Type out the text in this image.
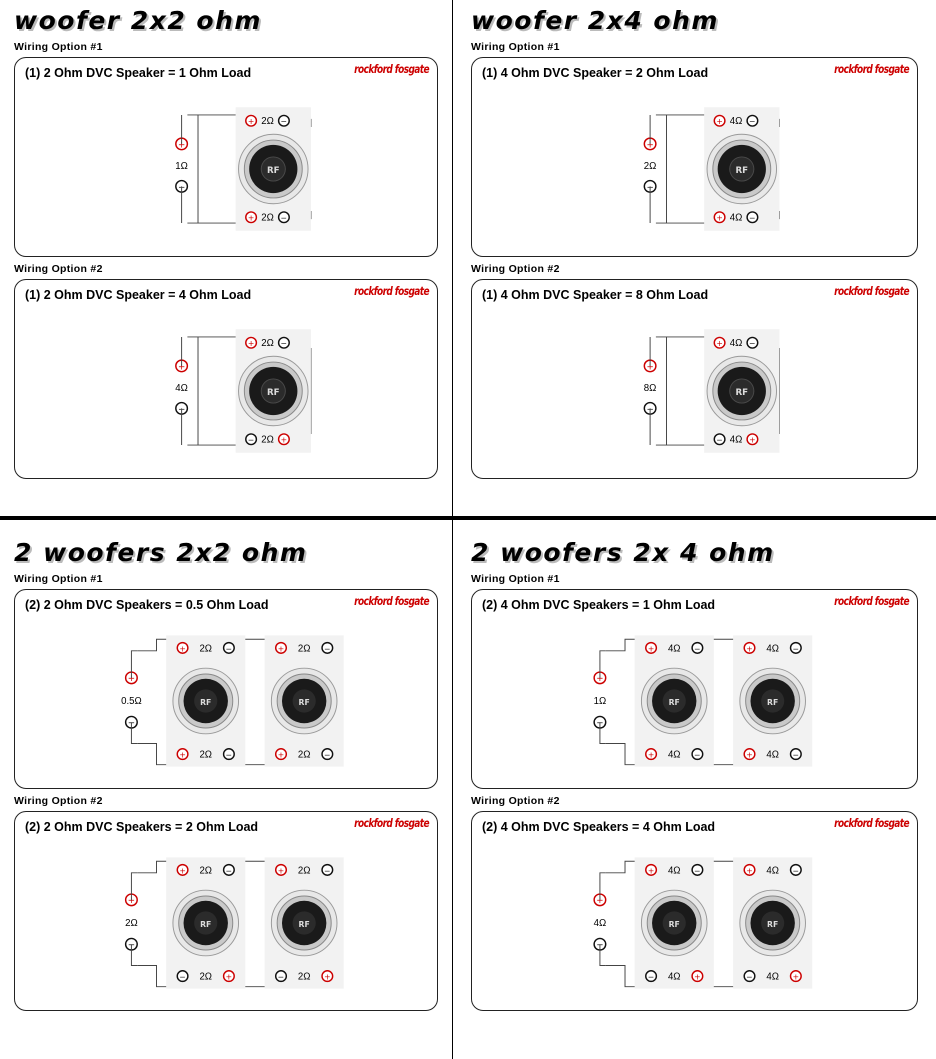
woofer 2x2 ohm
Wiring Option #1
(1) 2 Ohm DVC Speaker = 1 Ohm Load	rockford fosgate
RF
+	−
2Ω
+	−
2Ω
+
−
1Ω
Wiring Option #2
(1) 2 Ohm DVC Speaker = 4 Ohm Load	rockford fosgate
RF
+	−
2Ω
−	+
2Ω
+
−
4Ω
woofer 2x4 ohm
Wiring Option #1
(1) 4 Ohm DVC Speaker = 2 Ohm Load	rockford fosgate
RF
+	−
4Ω
+	−
4Ω
+
−
2Ω
Wiring Option #2
(1) 4 Ohm DVC Speaker = 8 Ohm Load	rockford fosgate
RF
+	−
4Ω
−	+
4Ω
+
−
8Ω
2 woofers 2x2 ohm
Wiring Option #1
(2) 2 Ohm DVC Speakers = 0.5 Ohm Load	rockford fosgate
RF
+	−
2Ω
+	−
2Ω
RF
+	−
2Ω
+	−
2Ω
+
−
0.5Ω
Wiring Option #2
(2) 2 Ohm DVC Speakers = 2 Ohm Load	rockford fosgate
RF
+	−
2Ω
−	+
2Ω
RF
+	−
2Ω
−	+
2Ω
+
−
2Ω
2 woofers 2x 4 ohm
Wiring Option #1
(2) 4 Ohm DVC Speakers = 1 Ohm Load	rockford fosgate
RF
+	−
4Ω
+	−
4Ω
RF
+	−
4Ω
+	−
4Ω
+
−
1Ω
Wiring Option #2
(2) 4 Ohm DVC Speakers = 4 Ohm Load	rockford fosgate
RF
+	−
4Ω
−	+
4Ω
RF
+	−
4Ω
−	+
4Ω
+
−
4Ω
